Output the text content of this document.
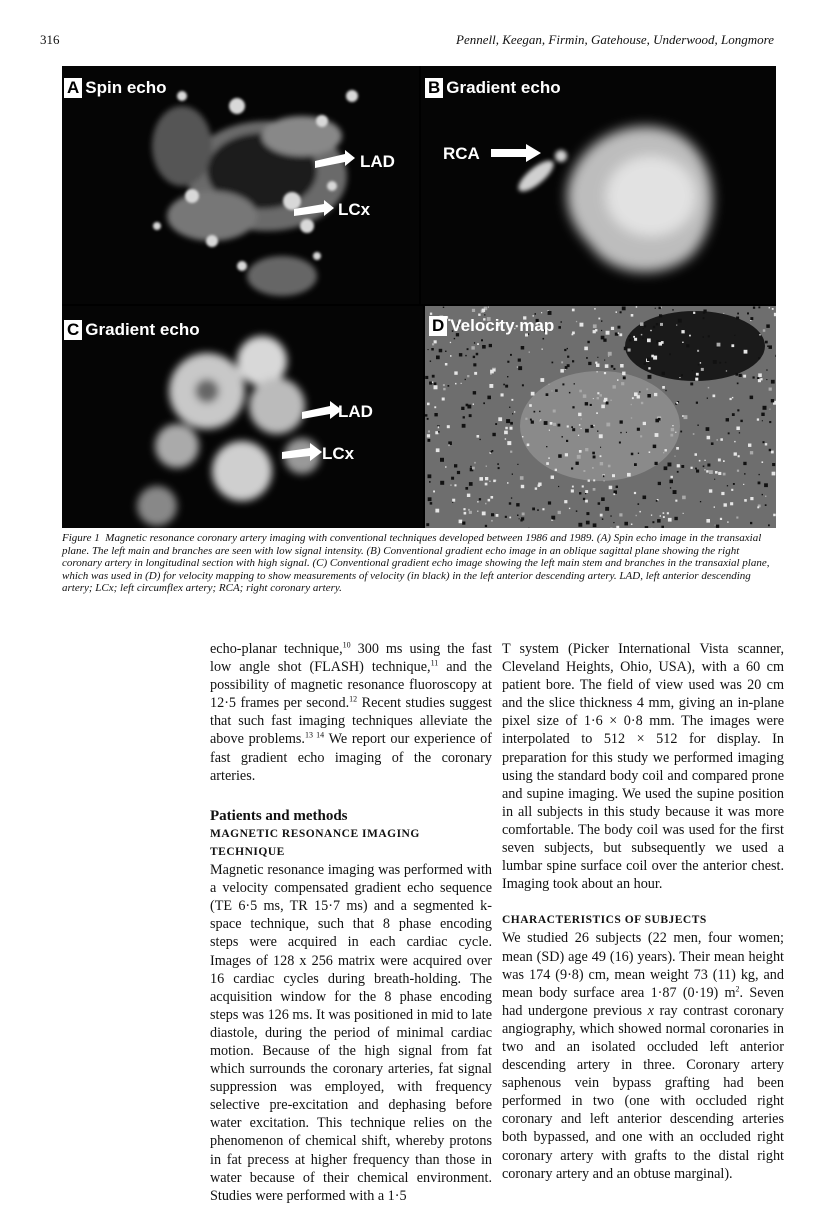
316	Pennell, Keegan, Firmin, Gatehouse, Underwood, Longmore
A Spin echo
LAD
LCx
B Gradient echo
RCA
C Gradient echo
LAD
LCx
D Velocity map
Figure 1 Magnetic resonance coronary artery imaging with conventional techniques developed between 1986 and 1989. (A) Spin echo image in the transaxial plane. The left main and branches are seen with low signal intensity. (B) Conventional gradient echo image in an oblique sagittal plane showing the right coronary artery in longitudinal section with high signal. (C) Conventional gradient echo image showing the left main stem and branches in the transaxial plane, which was used in (D) for velocity mapping to show measurements of velocity (in black) in the left anterior descending artery. LAD, left anterior descending artery; LCx; left circumflex artery; RCA; right coronary artery.

echo-planar technique,$^{10}$ 300 ms using the fast low angle shot (FLASH) technique,$^{11}$ and the possibility of magnetic resonance fluoroscopy at 12·5 frames per second.$^{12}$ Recent studies suggest that such fast imaging techniques alleviate the above problems.$^{13 14}$ We report our experience of fast gradient echo imaging of the coronary arteries.

Patients and methods
MAGNETIC RESONANCE IMAGING TECHNIQUE

Magnetic resonance imaging was performed with a velocity compensated gradient echo sequence (TE 6·5 ms, TR 15·7 ms) and a segmented k-space technique, such that 8 phase encoding steps were acquired in each cardiac cycle. Images of 128 x 256 matrix were acquired over 16 cardiac cycles during breath-holding. The acquisition window for the 8 phase encoding steps was 126 ms. It was positioned in mid to late diastole, during the period of minimal cardiac motion. Because of the high signal from fat which surrounds the coronary arteries, fat signal suppression was employed, with frequency selective pre-excitation and dephasing before water excitation. This technique relies on the phenomenon of chemical shift, whereby protons in fat precess at higher frequency than those in water because of their chemical environment. Studies were performed with a 1·5

T system (Picker International Vista scanner, Cleveland Heights, Ohio, USA), with a 60 cm patient bore. The field of view used was 20 cm and the slice thickness 4 mm, giving an in-plane pixel size of 1·6 × 0·8 mm. The images were interpolated to 512 × 512 for display. In preparation for this study we performed imaging using the standard body coil and compared prone and supine imaging. We used the supine position in all subjects in this study because it was more comfortable. The body coil was used for the first seven subjects, but subsequently we used a lumbar spine surface coil over the anterior chest. Imaging took about an hour.

CHARACTERISTICS OF SUBJECTS

We studied 26 subjects (22 men, four women; mean (SD) age 49 (16) years). Their mean height was 174 (9·8) cm, mean weight 73 (11) kg, and mean body surface area 1·87 (0·19) $m^2$. Seven had undergone previous x ray contrast coronary angiography, which showed normal coronaries in two and an isolated occluded left anterior descending artery in three. Coronary artery saphenous vein bypass grafting had been performed in two (one with occluded right coronary and left anterior descending arteries both bypassed, and one with an occluded right coronary artery with grafts to the distal right coronary artery and an obtuse marginal).
